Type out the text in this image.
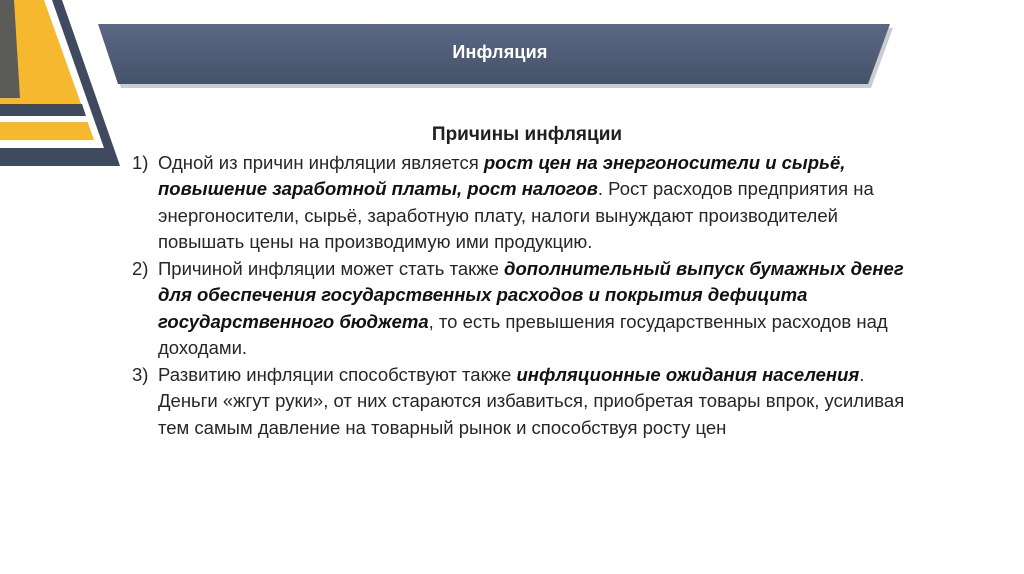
Инфляция
Причины инфляции
1) Одной из причин инфляции является рост цен на энергоносители и сырьё, повышение заработной платы, рост налогов. Рост расходов предприятия на энергоносители, сырьё, заработную плату, налоги вынуждают производителей повышать цены на производимую ими продукцию.
2) Причиной инфляции может стать также дополнительный выпуск бумажных денег для обеспечения государственных расходов и покрытия дефицита государственного бюджета, то есть превышения государственных расходов над доходами.
3) Развитию инфляции способствуют также инфляционные ожидания населения. Деньги «жгут руки», от них стараются избавиться, приобретая товары впрок, усиливая тем самым давление на товарный рынок и способствуя росту цен
